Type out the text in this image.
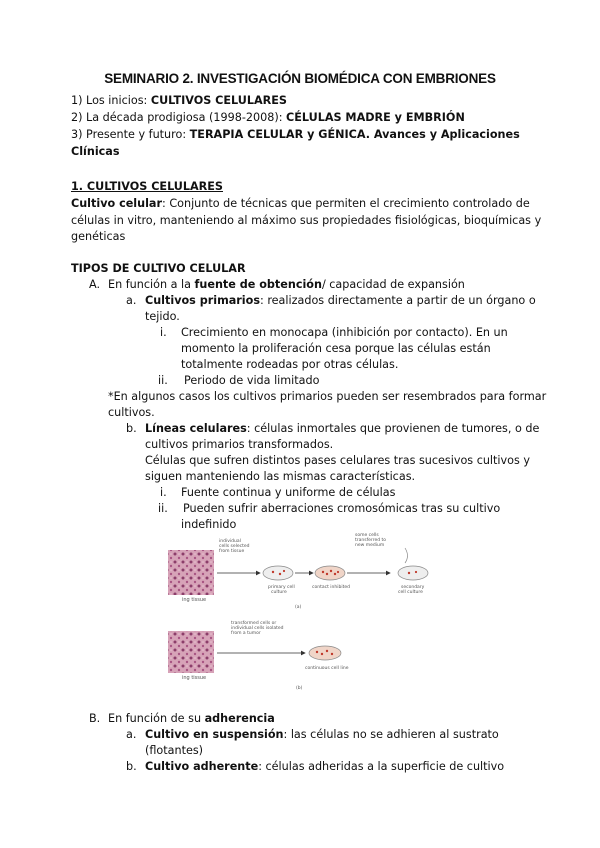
SEMINARIO 2. INVESTIGACIÓN BIOMÉDICA CON EMBRIONES
1) Los inicios: CULTIVOS CELULARES
2) La década prodigiosa (1998-2008): CÉLULAS MADRE y EMBRIÓN
3) Presente y futuro: TERAPIA CELULAR y GÉNICA. Avances y Aplicaciones
Clínicas
1. CULTIVOS CELULARES
Cultivo celular: Conjunto de técnicas que permiten el crecimiento controlado de
células in vitro, manteniendo al máximo sus propiedades fisiológicas, bioquímicas y
genéticas
TIPOS DE CULTIVO CELULAR
A. En función a la fuente de obtención/ capacidad de expansión
a. Cultivos primarios: realizados directamente a partir de un órgano o
tejido.
i. Crecimiento en monocapa (inhibición por contacto). En un
momento la proliferación cesa porque las células están
totalmente rodeadas por otras células.
ii. Periodo de vida limitado
*En algunos casos los cultivos primarios pueden ser resembrados para formar
cultivos.
b. Líneas celulares: células inmortales que provienen de tumores, o de
cultivos primarios transformados.
Células que sufren distintos pases celulares tras sucesivos cultivos y
siguen manteniendo las mismas características.
i. Fuente continua y uniforme de células
ii. Pueden sufrir aberraciones cromosómicas tras su cultivo
indefinido
ing tissue
individual cells selected from tissue
primary cell culture
contact inhibited
some cells transferred to new medium
secondary cell culture
(a)
ing tissue
transformed cells or individual cells isolated from a tumor
continuous cell line
(b)
B. En función de su adherencia
a. Cultivo en suspensión: las células no se adhieren al sustrato
(flotantes)
b. Cultivo adherente: células adheridas a la superficie de cultivo
